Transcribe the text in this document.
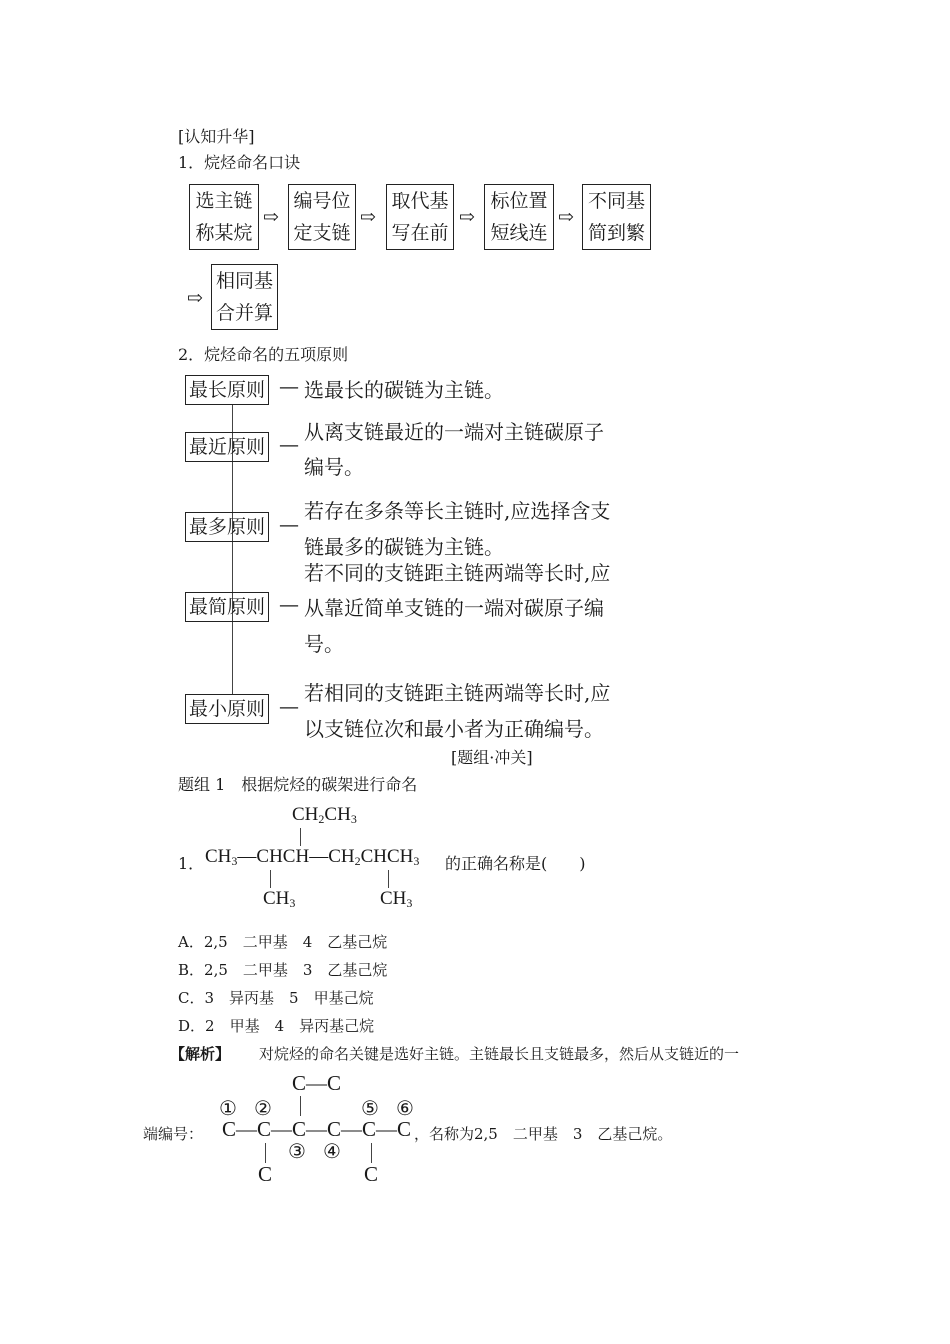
[认知升华]
1．烷烃命名口诀
选主链
称某烷
⇨
编号位
定支链
⇨
取代基
写在前
⇨
标位置
短线连
⇨
不同基
简到繁
⇨
相同基
合并算
2．烷烃命名的五项原则
最长原则 — 选最长的碳链为主链。
最近原则 — 从离支链最近的一端对主链碳原子
编号。
最多原则 —
若存在多条等长主链时,应选择含支
链最多的碳链为主链。
最简原则 —
若不同的支链距主链两端等长时,应
从靠近简单支链的一端对碳原子编
号。
最小原则 —
若相同的支链距主链两端等长时,应
以支链位次和最小者为正确编号。
[题组·冲关]
题组 1　根据烷烃的碳架进行命名
$CH_2CH_3$
1． $CH_3—CHCH—CH_2CHCH_3$ 的正确名称是(　　)
$CH_3$	$CH_3$
A．2,5　二甲基　4　乙基己烷
B．2,5　二甲基　3　乙基己烷
C．3　异丙基　5　甲基己烷
D．2　甲基　4　异丙基己烷
【解析】 　对烷烃的命名关键是选好主链。主链最长且支链最多，然后从支链近的一
C—C
① ②	⑤ ⑥
端编号： C—C—C—C—C—C ，名称为2,5　二甲基　3　乙基己烷。
③ ④
C	C
